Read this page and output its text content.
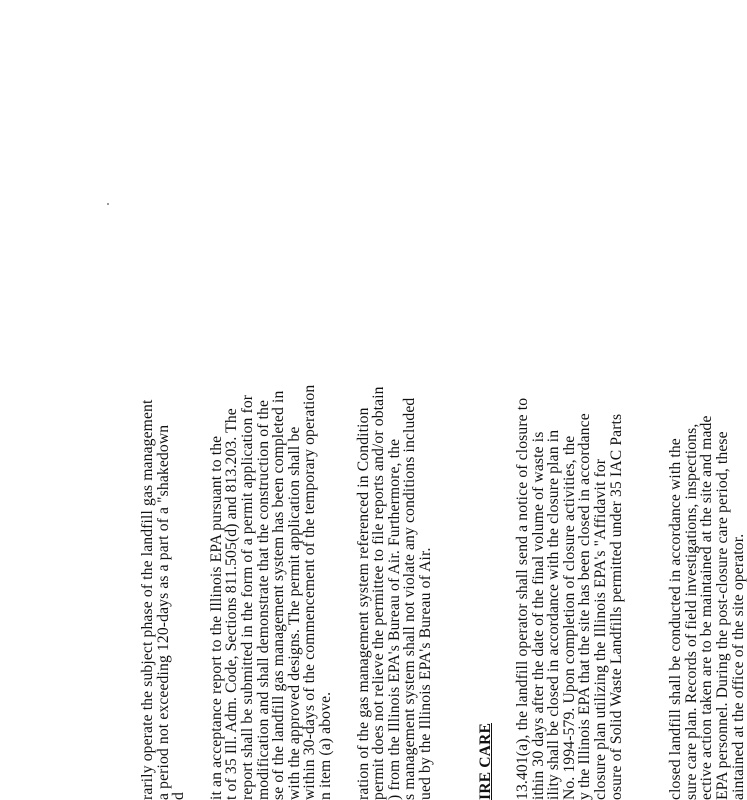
rarily operate the subject phase of the landfill gas management
a period not exceeding 120-days as a part of a "shakedown
d it an acceptance report to the Illinois EPA pursuant to the
t of 35 Ill. Adm. Code, Sections 811.505(d) and 813.203. The
report shall be submitted in the form of a permit application for
modification and shall demonstrate that the construction of the
se of the landfill gas management system has been completed in
with the approved designs. The permit application shall be
within 30-days of the commencement of the temporary operation
n item (a) above. ration of the gas management system referenced in Condition
permit does not relieve the permittee to file reports and/or obtain
) from the Illinois EPA's Bureau of Air. Furthermore, the
s management system shall not violate any conditions included
ued by the Illinois EPA's Bureau of Air.	IRE CARE 13.401(a), the landfill operator shall send a notice of closure to
ithin 30 days after the date of the final volume of waste is
ility shall be closed in accordance with the closure plan in
No. 1994-579. Upon completion of closure activities, the
y the Illinois EPA that the site has been closed in accordance
closure plan utilizing the Illinois EPA's "Affidavit for
osure of Solid Waste Landfills permitted under 35 IAC Parts	closed landfill shall be conducted in accordance with the
sure care plan. Records of field investigations, inspections,
ective action taken are to be maintained at the site and made
EPA personnel. During the post-closure care period, these
aintained at the office of the site operator.
